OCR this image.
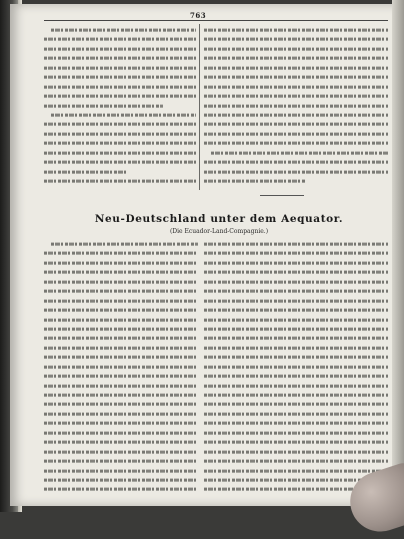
763
Neu-Deutschland unter dem Aequator.
(Die Ecuador-Land-Compagnie.)
